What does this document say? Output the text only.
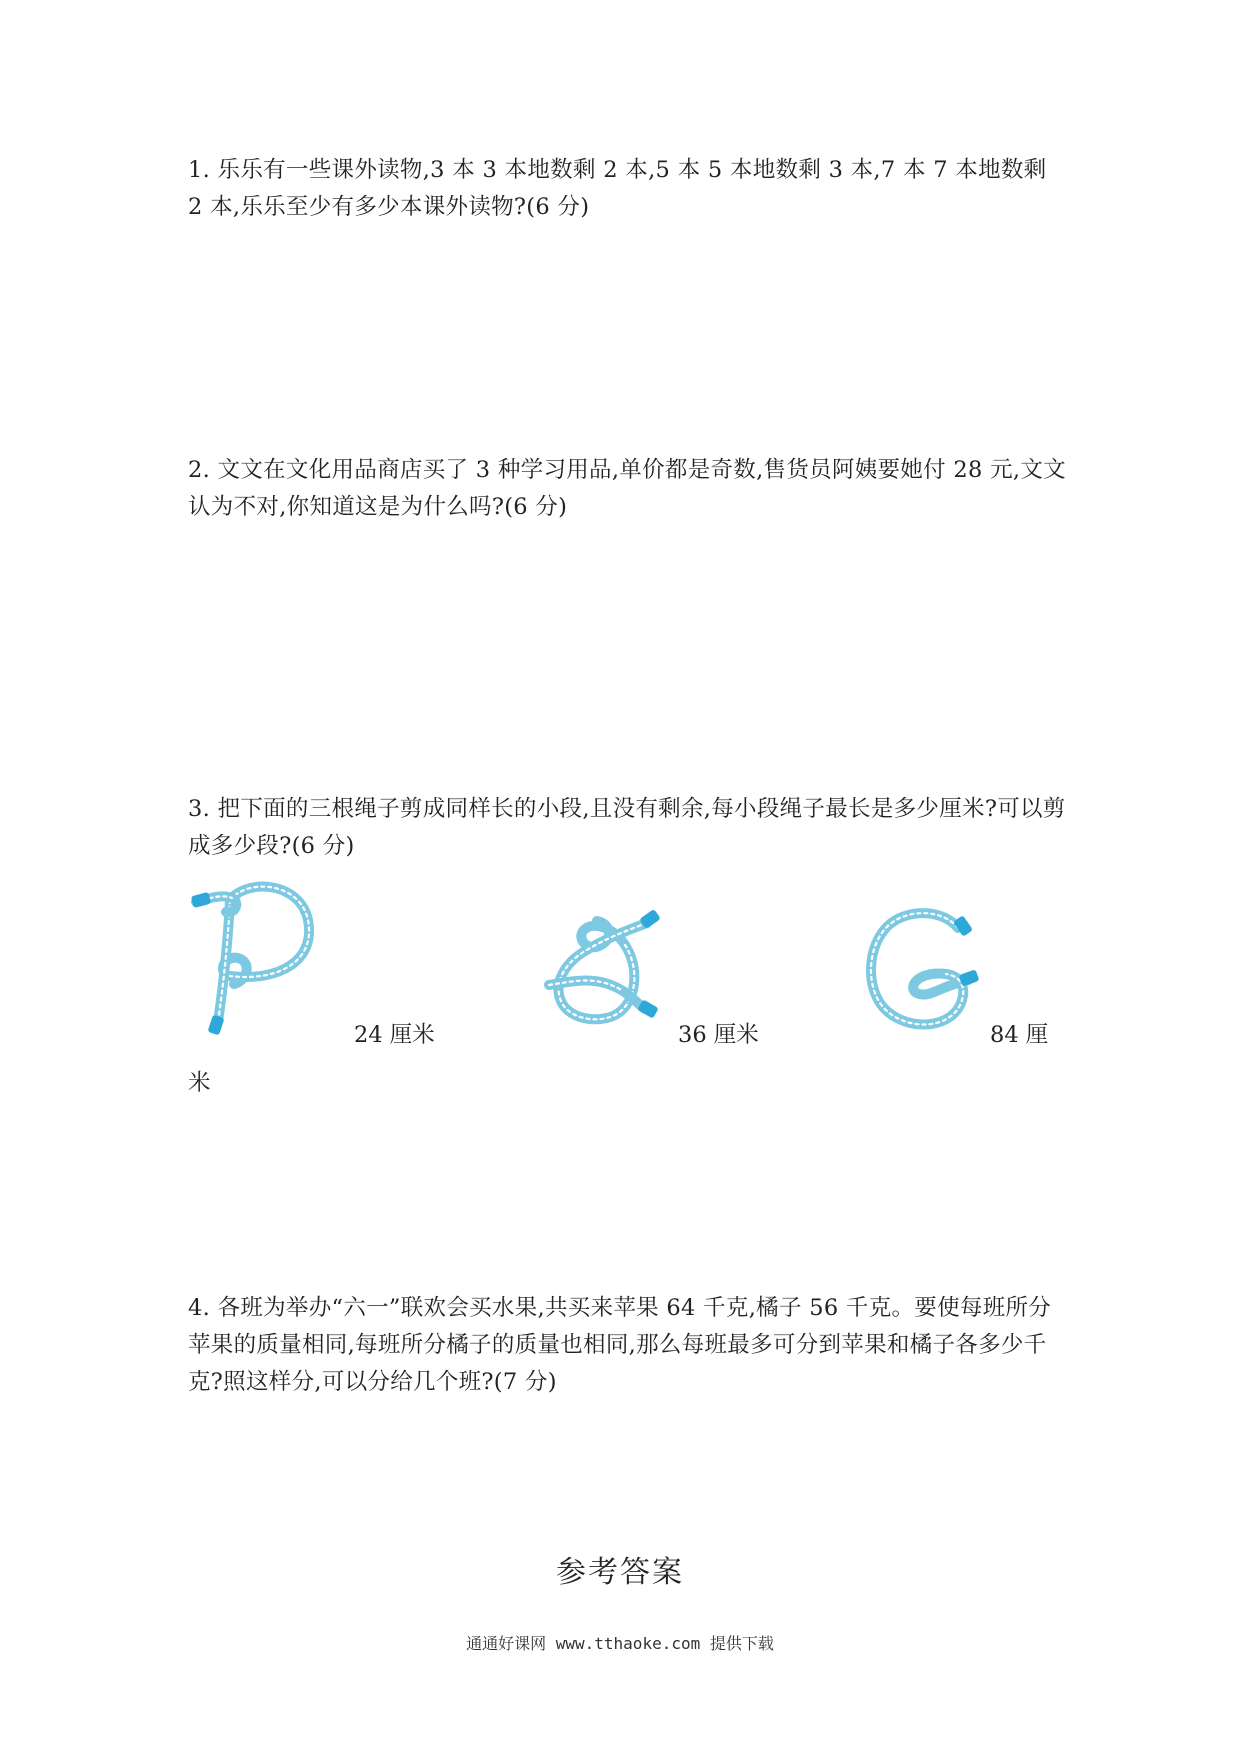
1. 乐乐有一些课外读物,3 本 3 本地数剩 2 本,5 本 5 本地数剩 3 本,7 本 7 本地数剩 2 本,乐乐至少有多少本课外读物?(6 分)
2. 文文在文化用品商店买了 3 种学习用品,单价都是奇数,售货员阿姨要她付 28 元,文文认为不对,你知道这是为什么吗?(6 分)
3. 把下面的三根绳子剪成同样长的小段,且没有剩余,每小段绳子最长是多少厘米?可以剪成多少段?(6 分)
24 厘米	36 厘米	84 厘
米
4. 各班为举办“六一”联欢会买水果,共买来苹果 64 千克,橘子 56 千克。要使每班所分苹果的质量相同,每班所分橘子的质量也相同,那么每班最多可分到苹果和橘子各多少千克?照这样分,可以分给几个班?(7 分)
参考答案
通通好课网 www.tthaoke.com 提供下载
